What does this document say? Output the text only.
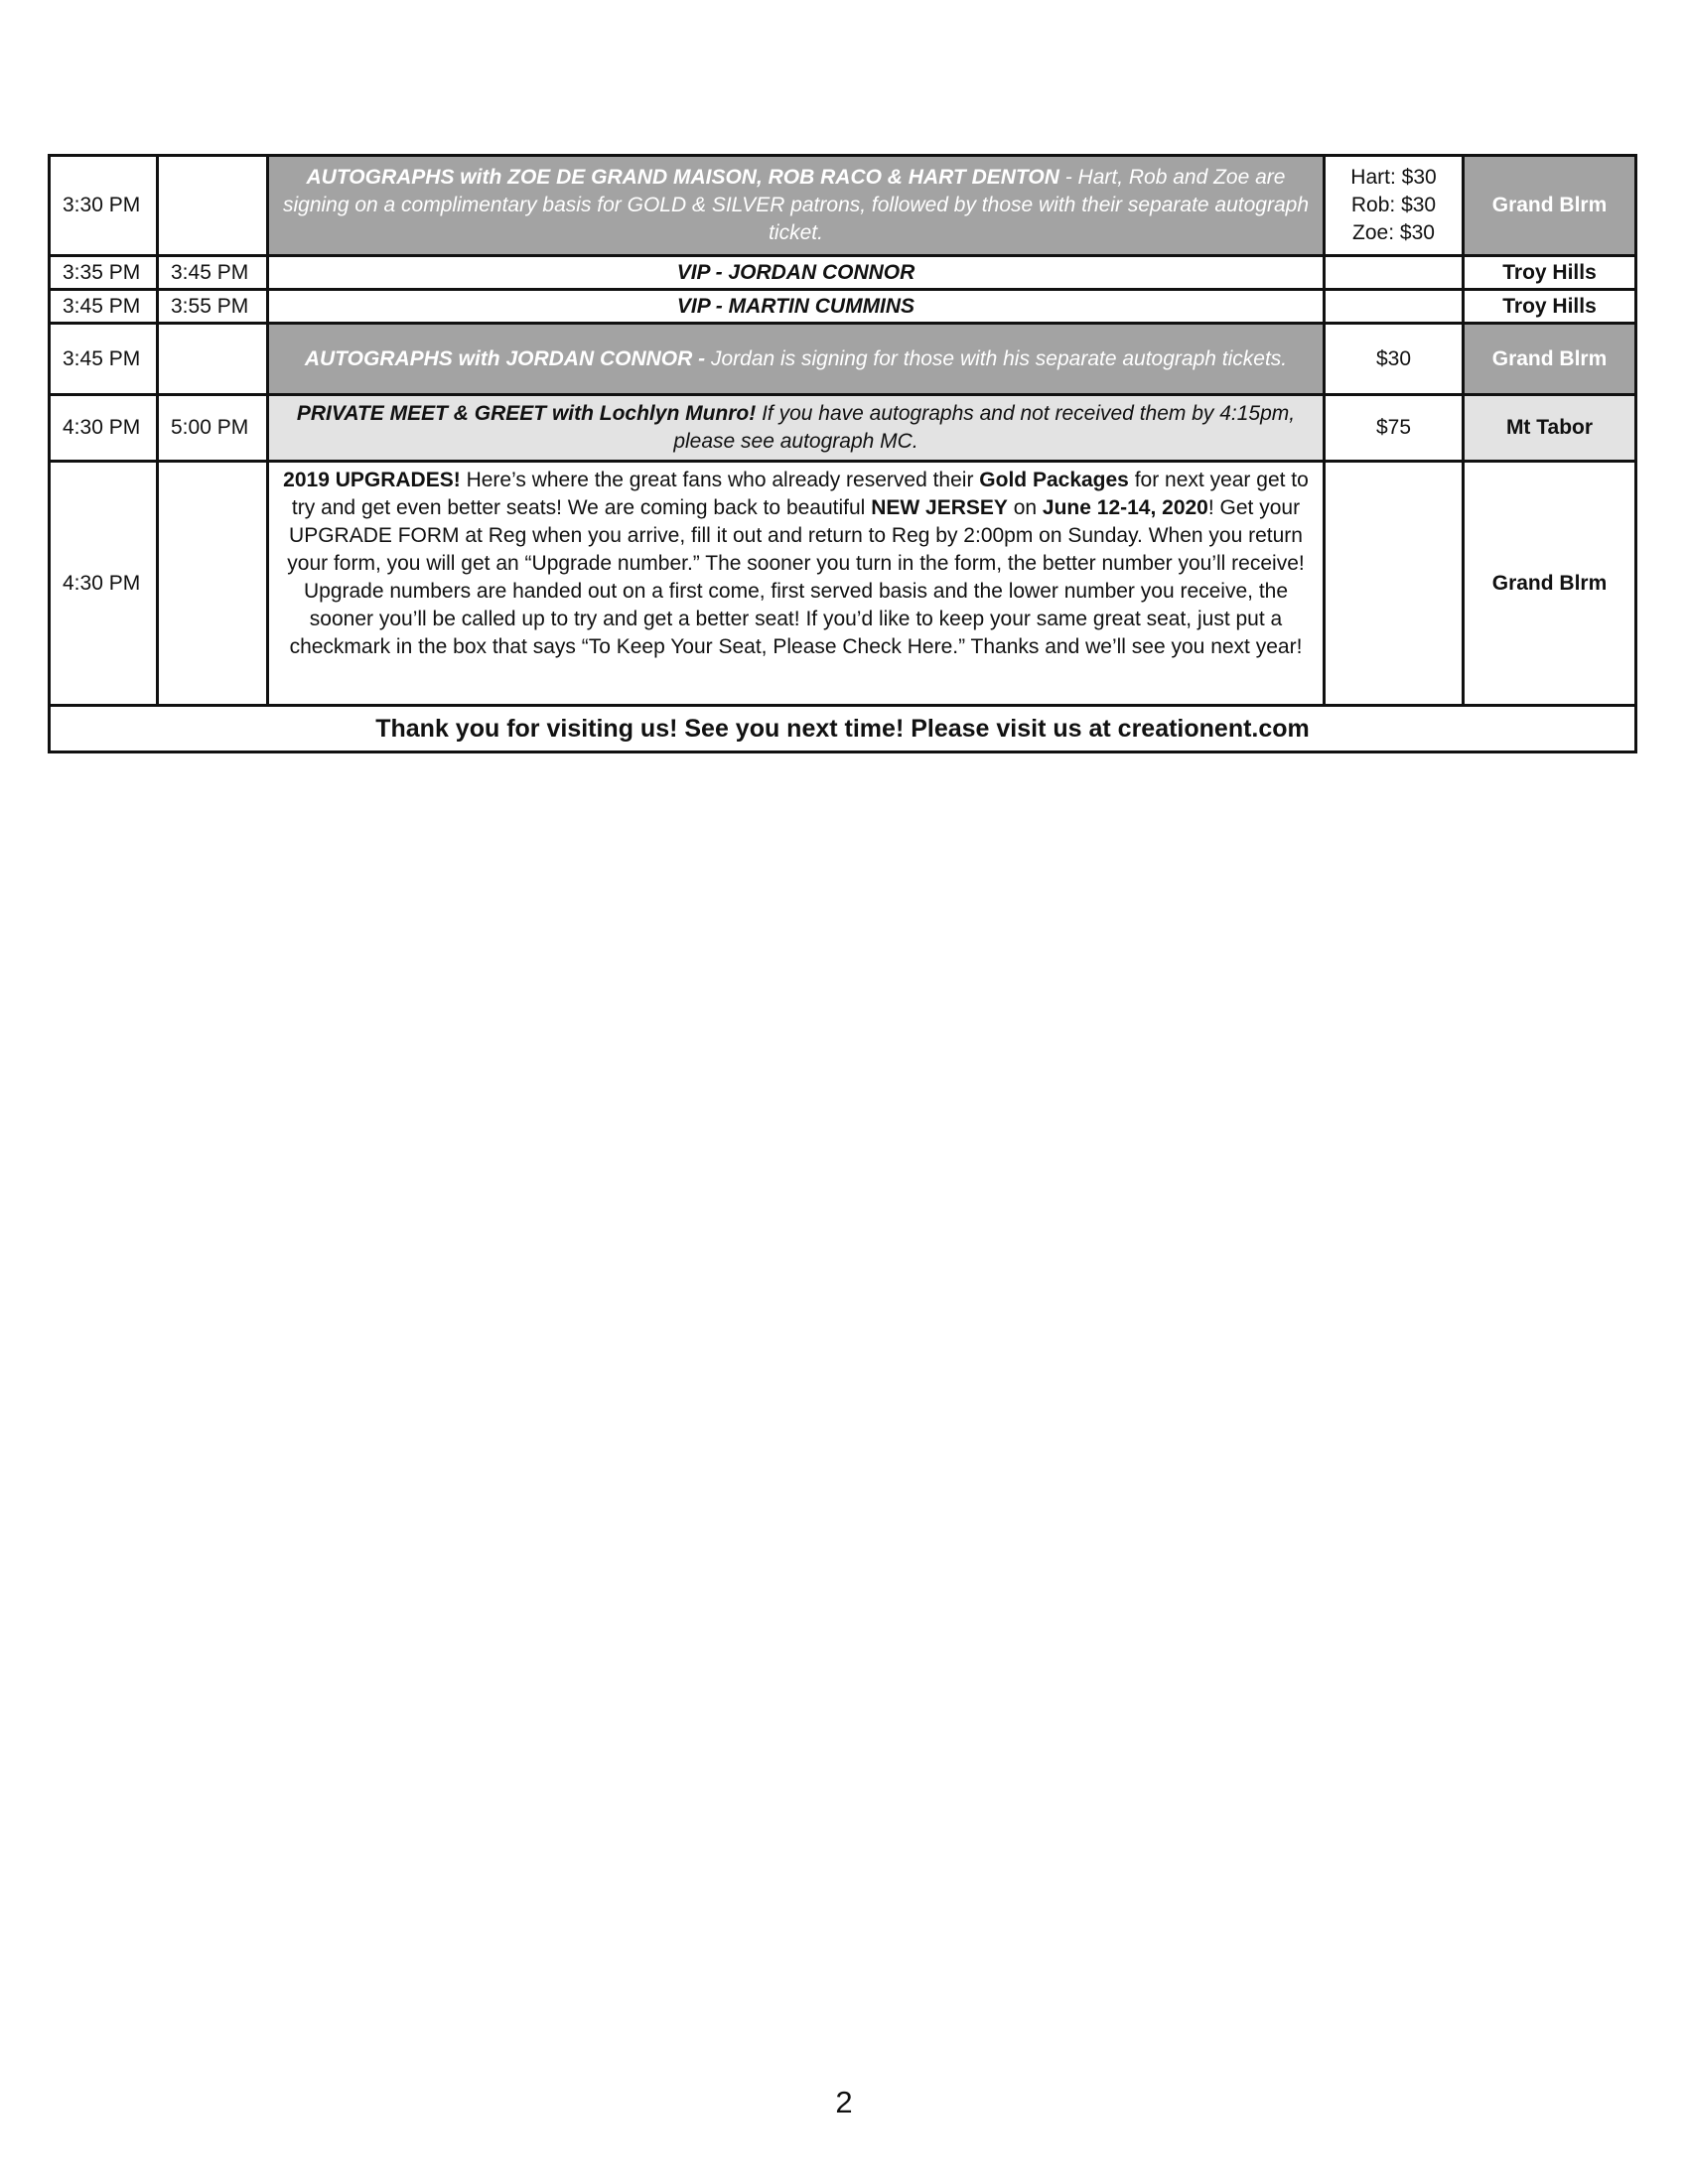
3:30 PM		AUTOGRAPHS with ZOE DE GRAND MAISON, ROB RACO & HART DENTON - Hart, Rob and Zoe are signing on a complimentary basis for GOLD & SILVER patrons, followed by those with their separate autograph ticket.	Hart: $30
Rob: $30
Zoe: $30	Grand Blrm
3:35 PM	3:45 PM	VIP - JORDAN CONNOR		Troy Hills
3:45 PM	3:55 PM	VIP - MARTIN CUMMINS		Troy Hills
3:45 PM		AUTOGRAPHS with JORDAN CONNOR - Jordan is signing for those with his separate autograph tickets.	$30	Grand Blrm
4:30 PM	5:00 PM	PRIVATE MEET & GREET with Lochlyn Munro! If you have autographs and not received them by 4:15pm, please see autograph MC.	$75	Mt Tabor
4:30 PM		2019 UPGRADES! Here’s where the great fans who already reserved their Gold Packages for next year get to try and get even better seats! We are coming back to beautiful NEW JERSEY on June 12-14, 2020! Get your UPGRADE FORM at Reg when you arrive, fill it out and return to Reg by 2:00pm on Sunday. When you return your form, you will get an “Upgrade number.” The sooner you turn in the form, the better number you’ll receive! Upgrade numbers are handed out on a first come, first served basis and the lower number you receive, the sooner you’ll be called up to try and get a better seat! If you’d like to keep your same great seat, just put a checkmark in the box that says “To Keep Your Seat, Please Check Here.” Thanks and we’ll see you next year!		Grand Blrm
Thank you for visiting us! See you next time! Please visit us at creationent.com				
2
